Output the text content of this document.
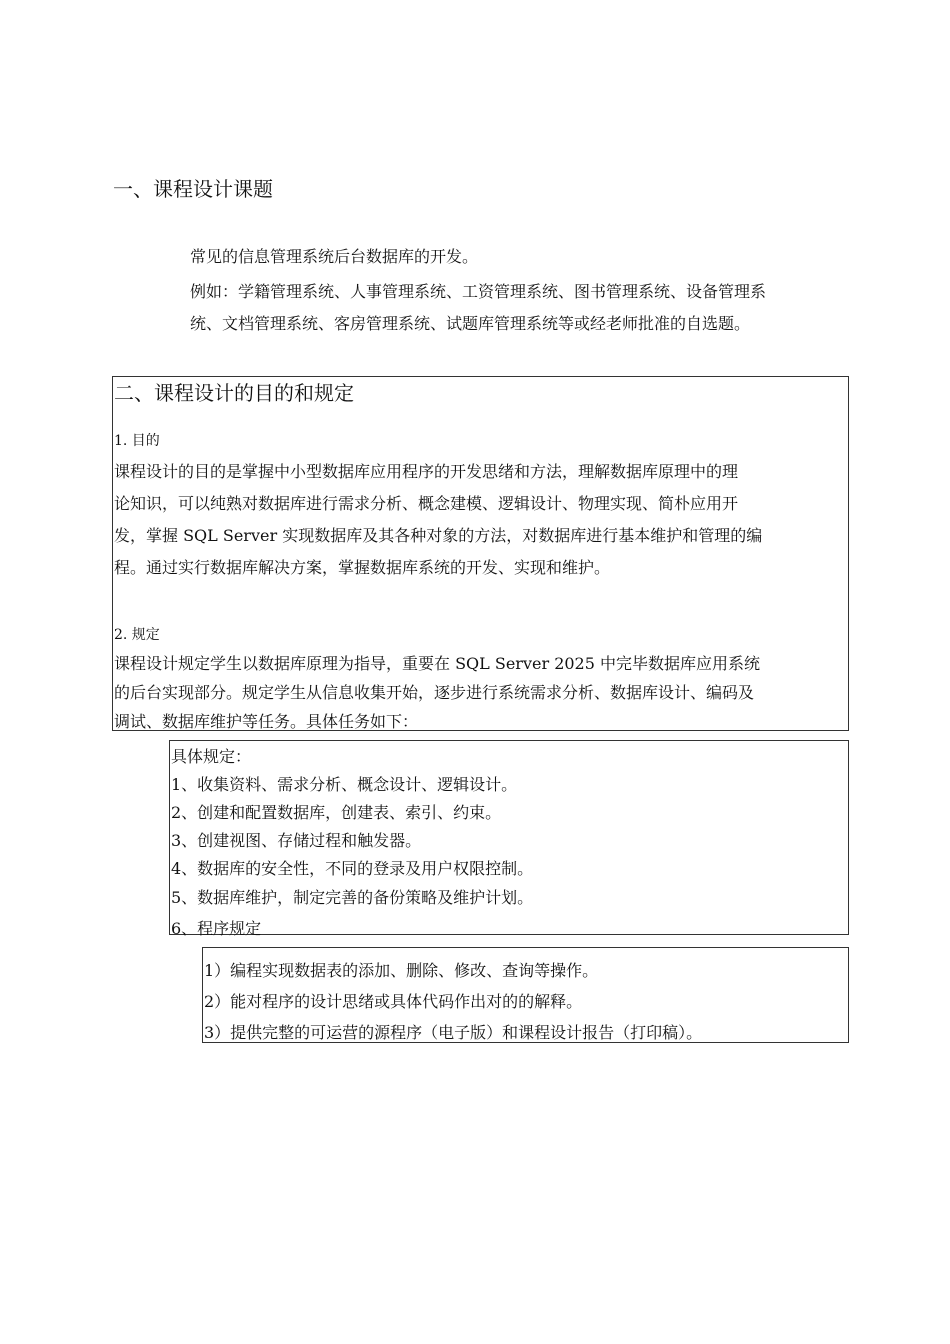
一、课程设计课题
常见的信息管理系统后台数据库的开发。
例如：学籍管理系统、人事管理系统、工资管理系统、图书管理系统、设备管理系
统、文档管理系统、客房管理系统、试题库管理系统等或经老师批准的自选题。
二、课程设计的目的和规定
1. 目的
课程设计的目的是掌握中小型数据库应用程序的开发思绪和方法，理解数据库原理中的理
论知识，可以纯熟对数据库进行需求分析、概念建模、逻辑设计、物理实现、简朴应用开
发，掌握 SQL Server 实现数据库及其各种对象的方法，对数据库进行基本维护和管理的编
程。通过实行数据库解决方案，掌握数据库系统的开发、实现和维护。
2. 规定
课程设计规定学生以数据库原理为指导，重要在 SQL Server 2025 中完毕数据库应用系统
的后台实现部分。规定学生从信息收集开始，逐步进行系统需求分析、数据库设计、编码及
调试、数据库维护等任务。具体任务如下：
具体规定：
1、收集资料、需求分析、概念设计、逻辑设计。
2、创建和配置数据库，创建表、索引、约束。
3、创建视图、存储过程和触发器。
4、数据库的安全性，不同的登录及用户权限控制。
5、数据库维护，制定完善的备份策略及维护计划。
6、程序规定
1）编程实现数据表的添加、删除、修改、查询等操作。
2）能对程序的设计思绪或具体代码作出对的的解释。
3）提供完整的可运营的源程序（电子版）和课程设计报告（打印稿）。
